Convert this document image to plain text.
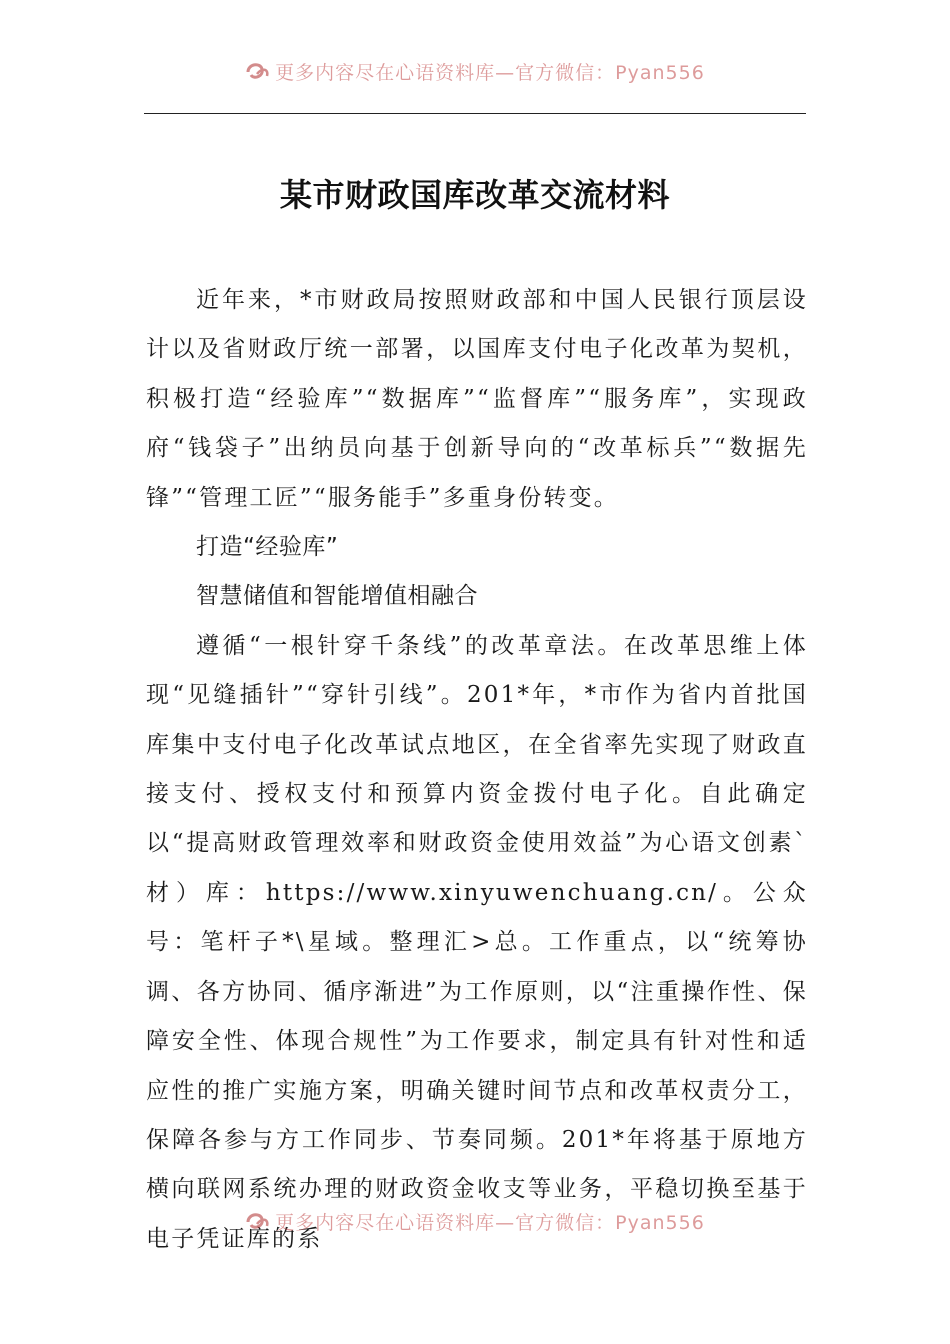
更多内容尽在心语资料库—官方微信：Pyan556
某市财政国库改革交流材料

近年来，*市财政局按照财政部和中国人民银行顶层设计以及省财政厅统一部署，以国库支付电子化改革为契机，积极打造“经验库”“数据库”“监督库”“服务库”，实现政府“钱袋子”出纳员向基于创新导向的“改革标兵”“数据先锋”“管理工匠”“服务能手”多重身份转变。

打造“经验库”

智慧储值和智能增值相融合

遵循“一根针穿千条线”的改革章法。在改革思维上体现“见缝插针”“穿针引线”。201*年，*市作为省内首批国库集中支付电子化改革试点地区，在全省率先实现了财政直接支付、授权支付和预算内资金拨付电子化。自此确定以“提高财政管理效率和财政资金使用效益”为心语文创素`材）库：https://www.xinyuwenchuang.cn/。公众号：笔杆子*\星域。整理汇>总。工作重点，以“统筹协调、各方协同、循序渐进”为工作原则，以“注重操作性、保障安全性、体现合规性”为工作要求，制定具有针对性和适应性的推广实施方案，明确关键时间节点和改革权责分工，保障各参与方工作同步、节奏同频。201*年将基于原地方横向联网系统办理的财政资金收支等业务，平稳切换至基于电子凭证库的系

更多内容尽在心语资料库—官方微信：Pyan556
